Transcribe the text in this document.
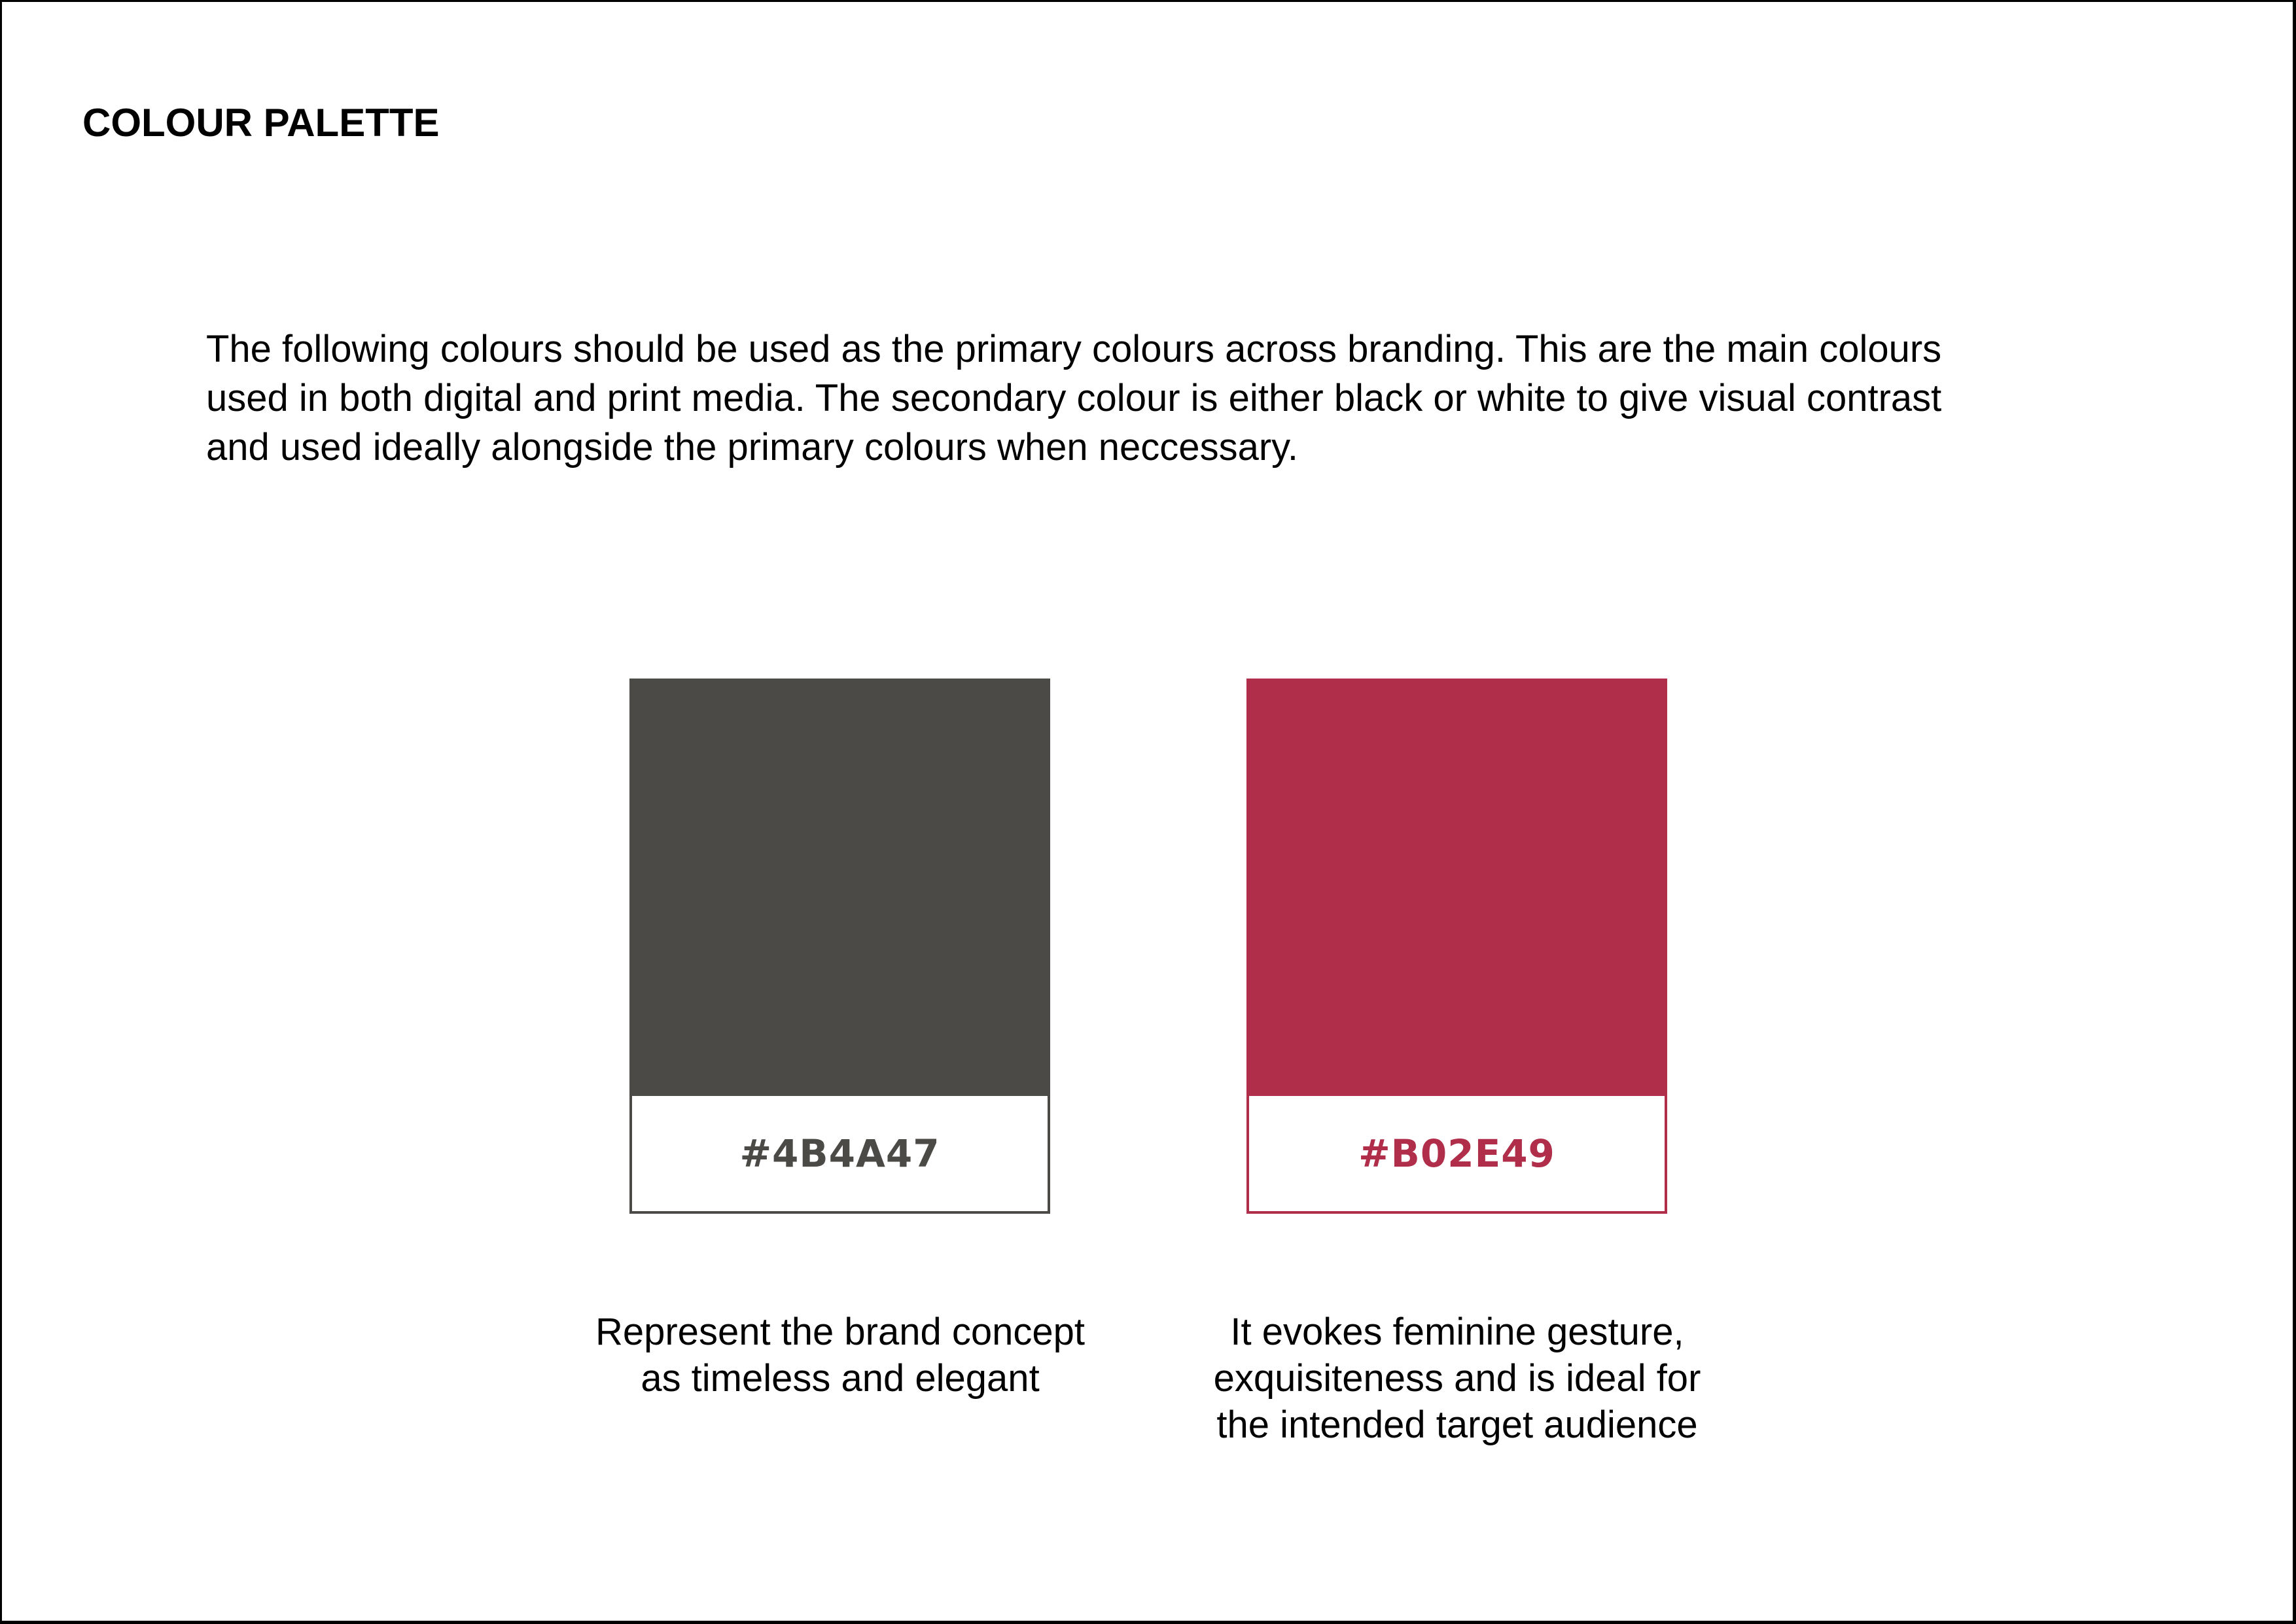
COLOUR PALETTE
The following colours should be used as the primary colours across branding. This are the main colours
used in both digital and print media. The secondary colour is either black or white to give visual contrast
and used ideally alongside the primary colours when neccessary.
#4B4A47	#B02E49
Represent the brand concept
as timeless and elegant
It evokes feminine gesture,
exquisiteness and is ideal for
the intended target audience
